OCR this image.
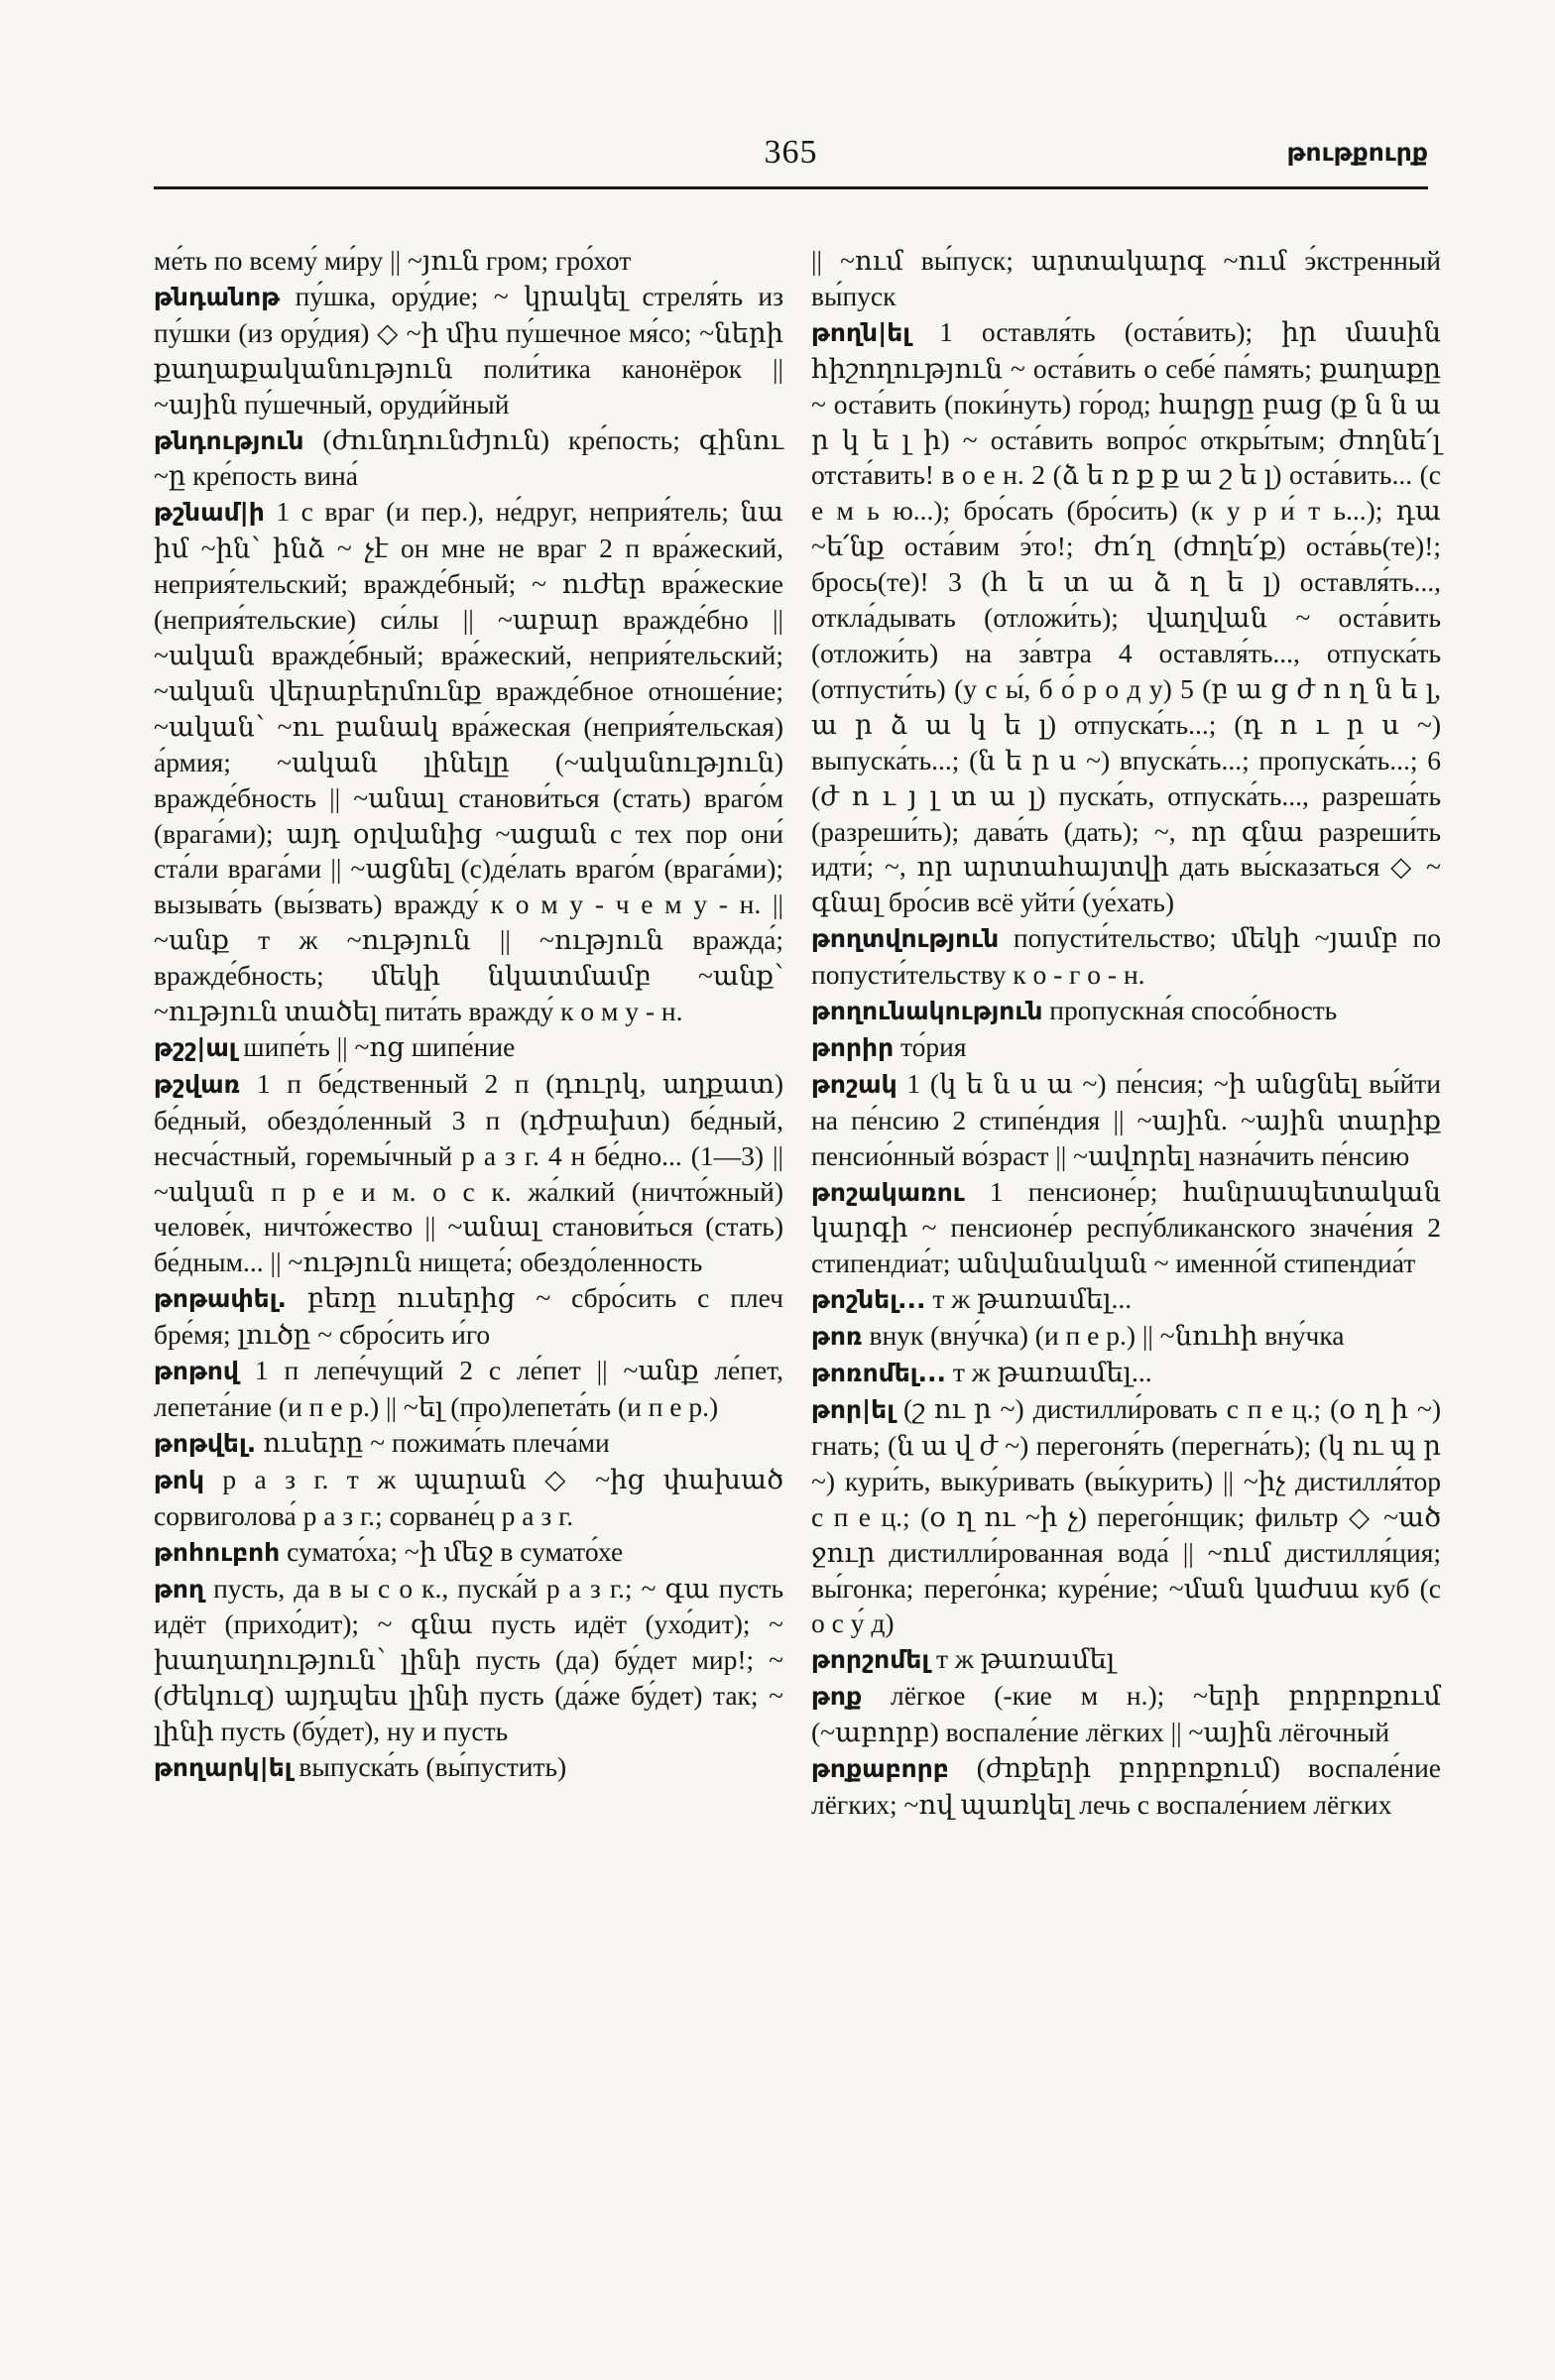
365	թութքուրք

ме́ть по всему́ ми́ру || ~յուն гром; гро́хот

թնդանոթ пу́шка, ору́дие; ~ կրակել стреля́ть из пу́шки (из ору́дия) ◇ ~ի միս пу́шечное мя́со; ~ների քաղաքականություն поли́тика канонёрок || ~ային пу́шечный, оруди́йный

թնդություն (ժունդունժյուն) кре́пость; գինու ~ը кре́пость вина́

թշնամ|ի 1 с враг (и пер.), не́друг, неприя́тель; նա իմ ~ին՝ ինձ ~ չէ он мне не враг 2 п вра́жеский, неприя́тельский; вражде́бный; ~ ուժեր вра́жеские (неприя́тельские) си́лы || ~աբար вражде́бно || ~ական вражде́бный; вра́жеский, неприя́тельский; ~ական վերաբերմունք вражде́бное отноше́ние; ~ական՝ ~ու բանակ вра́жеская (неприя́тельская) а́рмия; ~ական լինելը (~ականություն) вражде́бность || ~անալ станови́ться (стать) враго́м (врага́ми); այդ օրվանից ~ացան с тех пор они́ ста́ли врага́ми || ~ացնել (с)де́лать враго́м (врага́ми); вызыва́ть (вы́звать) вражду́ к о м у - ч е м у - н. || ~անք т ж ~ություն || ~ություն вражда́; вражде́бность; մեկի նկատմամբ ~անք՝ ~ություն տածել пита́ть вражду́ к о м у - н.

թշշ|ալ шипе́ть || ~ոց шипе́ние

թշվառ 1 п бе́дственный 2 п (դուրկ, աղքատ) бе́дный, обездо́ленный 3 п (դժբախտ) бе́дный, несча́стный, горемы́чный р а з г. 4 н бе́дно... (1—3) || ~ական п р е и м. о с к. жа́лкий (ничто́жный) челове́к, ничто́жество || ~անալ станови́ться (стать) бе́дным... || ~ություն нищета́; обездо́ленность

թոթափել. բեռը ուսերից ~ сбро́сить с плеч бре́мя; լուծը ~ сбро́сить и́го

թոթով 1 п лепе́чущий 2 с ле́пет || ~անք ле́пет, лепета́ние (и п е р.) || ~ել (про)лепета́ть (и п е р.)

թոթվել. ուսերը ~ пожима́ть плеча́ми

թոկ р а з г. т ж պարան ◇ ~ից փախած сорвиголова́ р а з г.; сорване́ц р а з г.

թոհուբոհ сумато́ха; ~ի մեջ в сумато́хе

թող пусть, да в ы с о к., пуска́й р а з г.; ~ գա пусть идёт (прихо́дит); ~ գնա пусть идёт (ухо́дит); ~ խաղաղություն՝ լինի пусть (да) бу́дет мир!; ~ (ժեկուզ) այդպես լինի пусть (да́же бу́дет) так; ~ լինի пусть (бу́дет), ну и пусть

թողարկ|ել выпуска́ть (вы́пустить)

|| ~ում вы́пуск; արտակարգ ~ում э́кстренный вы́пуск

թողն|ել 1 оставля́ть (оста́вить); իր մասին հիշողություն ~ оста́вить о себе́ па́мять; քաղաքը ~ оста́вить (поки́нуть) го́род; հարցը բաց (ք ն ն ա ր կ ե լ ի) ~ оста́вить вопро́с откры́тым; ժողնե՛լ отста́вить! в о е н. 2 (ձ ե ռ ք ք ա շ ե լ) оста́вить... (с е м ь ю...); бро́сать (бро́сить) (к у р и́ т ь...); դա ~ե՛նք оста́вим э́то!; ժո՛ղ (ժողե՛ք) оста́вь(те)!; брось(те)! 3 (հ ե տ ա ձ ղ ե լ) оставля́ть..., откла́дывать (отложи́ть); վաղվան ~ оста́вить (отложи́ть) на за́втра 4 оставля́ть..., отпуска́ть (отпусти́ть) (у с ы́, б о́ р о д у) 5 (բ ա ց ժ ո ղ ն ե լ, ա ր ձ ա կ ե լ) отпуска́ть...; (դ ո ւ ր ս ~) выпуска́ть...; (ն ե ր ս ~) впуска́ть...; пропуска́ть...; 6 (ժ ո ւ յ լ տ ա լ) пуска́ть, отпуска́ть..., разреша́ть (разреши́ть); дава́ть (дать); ~, որ գնա разреши́ть идти́; ~, որ արտահայտվի дать вы́сказаться ◇ ~ գնալ бро́сив всё уйти́ (уе́хать)

թողտվություն попусти́тельство; մեկի ~յամբ по попусти́тельству к о - г о - н.

թողունակություն пропускна́я спосо́бность

թորիր то́рия

թոշակ 1 (կ ե ն ս ա ~) пе́нсия; ~ի անցնել вы́йти на пе́нсию 2 стипе́ндия || ~ային. ~ային տարիք пенсио́нный во́зраст || ~ավորել назна́чить пе́нсию

թոշակառու 1 пенсионе́р; հանրապետական կարգի ~ пенсионе́р респу́бликанского значе́ния 2 стипендиа́т; անվանական ~ именно́й стипендиа́т

թոշնել... т ж թառամել...

թոռ внук (вну́чка) (и п е р.) || ~նուհի вну́чка

թոռոմել... т ж թառամել...

թոր|ել (շ ու ր ~) дистилли́ровать с п е ц.; (օ ղ ի ~) гнать; (ն ա վ ժ ~) перегоня́ть (перегна́ть); (կ ու պ ր ~) кури́ть, выку́ривать (вы́курить) || ~իչ дистилля́тор с п е ц.; (օ ղ ու ~ի չ) перего́нщик; фильтр ◇ ~ած ջուր дистилли́рованная вода́ || ~ում дистилля́ция; вы́гонка; перего́нка; куре́ние; ~ման կաժսա куб (с о с у́ д)

թորշոմել т ж թառամել

թոք лёгкое (-кие м н.); ~երի բորբոքում (~աբորբ) воспале́ние лёгких || ~ային лёгочный

թոքաբորբ (ժոքերի բորբոքում) воспале́ние лёгких; ~ով պառկել лечь с воспале́нием лёгких
